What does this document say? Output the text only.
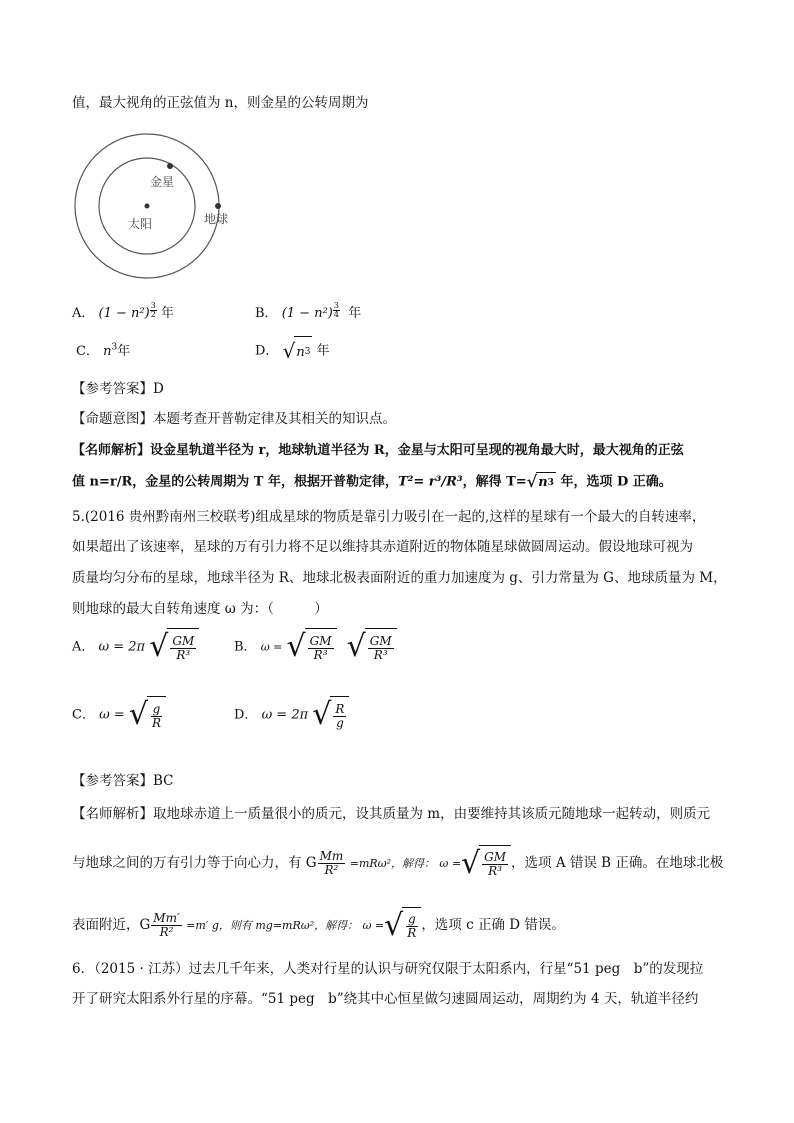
值，最大视角的正弦值为 n，则金星的公转周期为
金星
太阳	地球
A． $(1 - n^2) \frac{3}{2}$ 年	B． $(1 - n^2) \frac{3}{4}$ 年
C． $n^3$年	D． √ n 3 年
【参考答案】D
【命题意图】本题考查开普勒定律及其相关的知识点。
【名师解析】设金星轨道半径为 r，地球轨道半径为 R，金星与太阳可呈现的视角最大时，最大视角的正弦
值 n=r/R，金星的公转周期为 T 年，根据开普勒定律，T²= r³/R³，解得 T= √ n 3 年，选项 D 正确。
5.(2016 贵州黔南州三校联考)组成星球的物质是靠引力吸引在一起的,这样的星球有一个最大的自转速率，
如果超出了该速率，星球的万有引力将不足以维持其赤道附近的物体随星球做圆周运动。假设地球可视为
质量均匀分布的星球，地球半径为 R、地球北极表面附近的重力加速度为 g、引力常量为 G、地球质量为 M，
则地球的最大自转角速度 ω 为：（　　　）
A． ω = 2π √ $\frac{GM}{\text{R³}}$	B． ω = √ $\frac{GM}{\text{R³}}$
√ $\frac{GM}{\text{R³}}$
C． ω = √ $\frac{g}{R}$	D． ω = 2π √ $\frac{R}{g}$
【参考答案】BC
【名师解析】取地球赤道上一质量很小的质元，设其质量为 m，由要维持其该质元随地球一起转动，则质元
与地球之间的万有引力等于向心力，有 G $\frac{Mm}{\text{R²}} =mR\omega^2$，解得： ω = √ $\frac{GM}{\text{R³}}$ ，选项 A 错误 B 正确。在地球北极
表面附近，G $\frac{Mm'}{\text{R²}} =m'$ g，则有 mg=mRω²，解得： ω = √ $\frac{g}{R}$ ，选项 c 正确 D 错误。
6．（2015 · 江苏）过去几千年来，人类对行星的认识与研究仅限于太阳系内，行星“51 peg　b”的发现拉
开了研究太阳系外行星的序幕。“51 peg　b”绕其中心恒星做匀速圆周运动，周期约为 4 天，轨道半径约
